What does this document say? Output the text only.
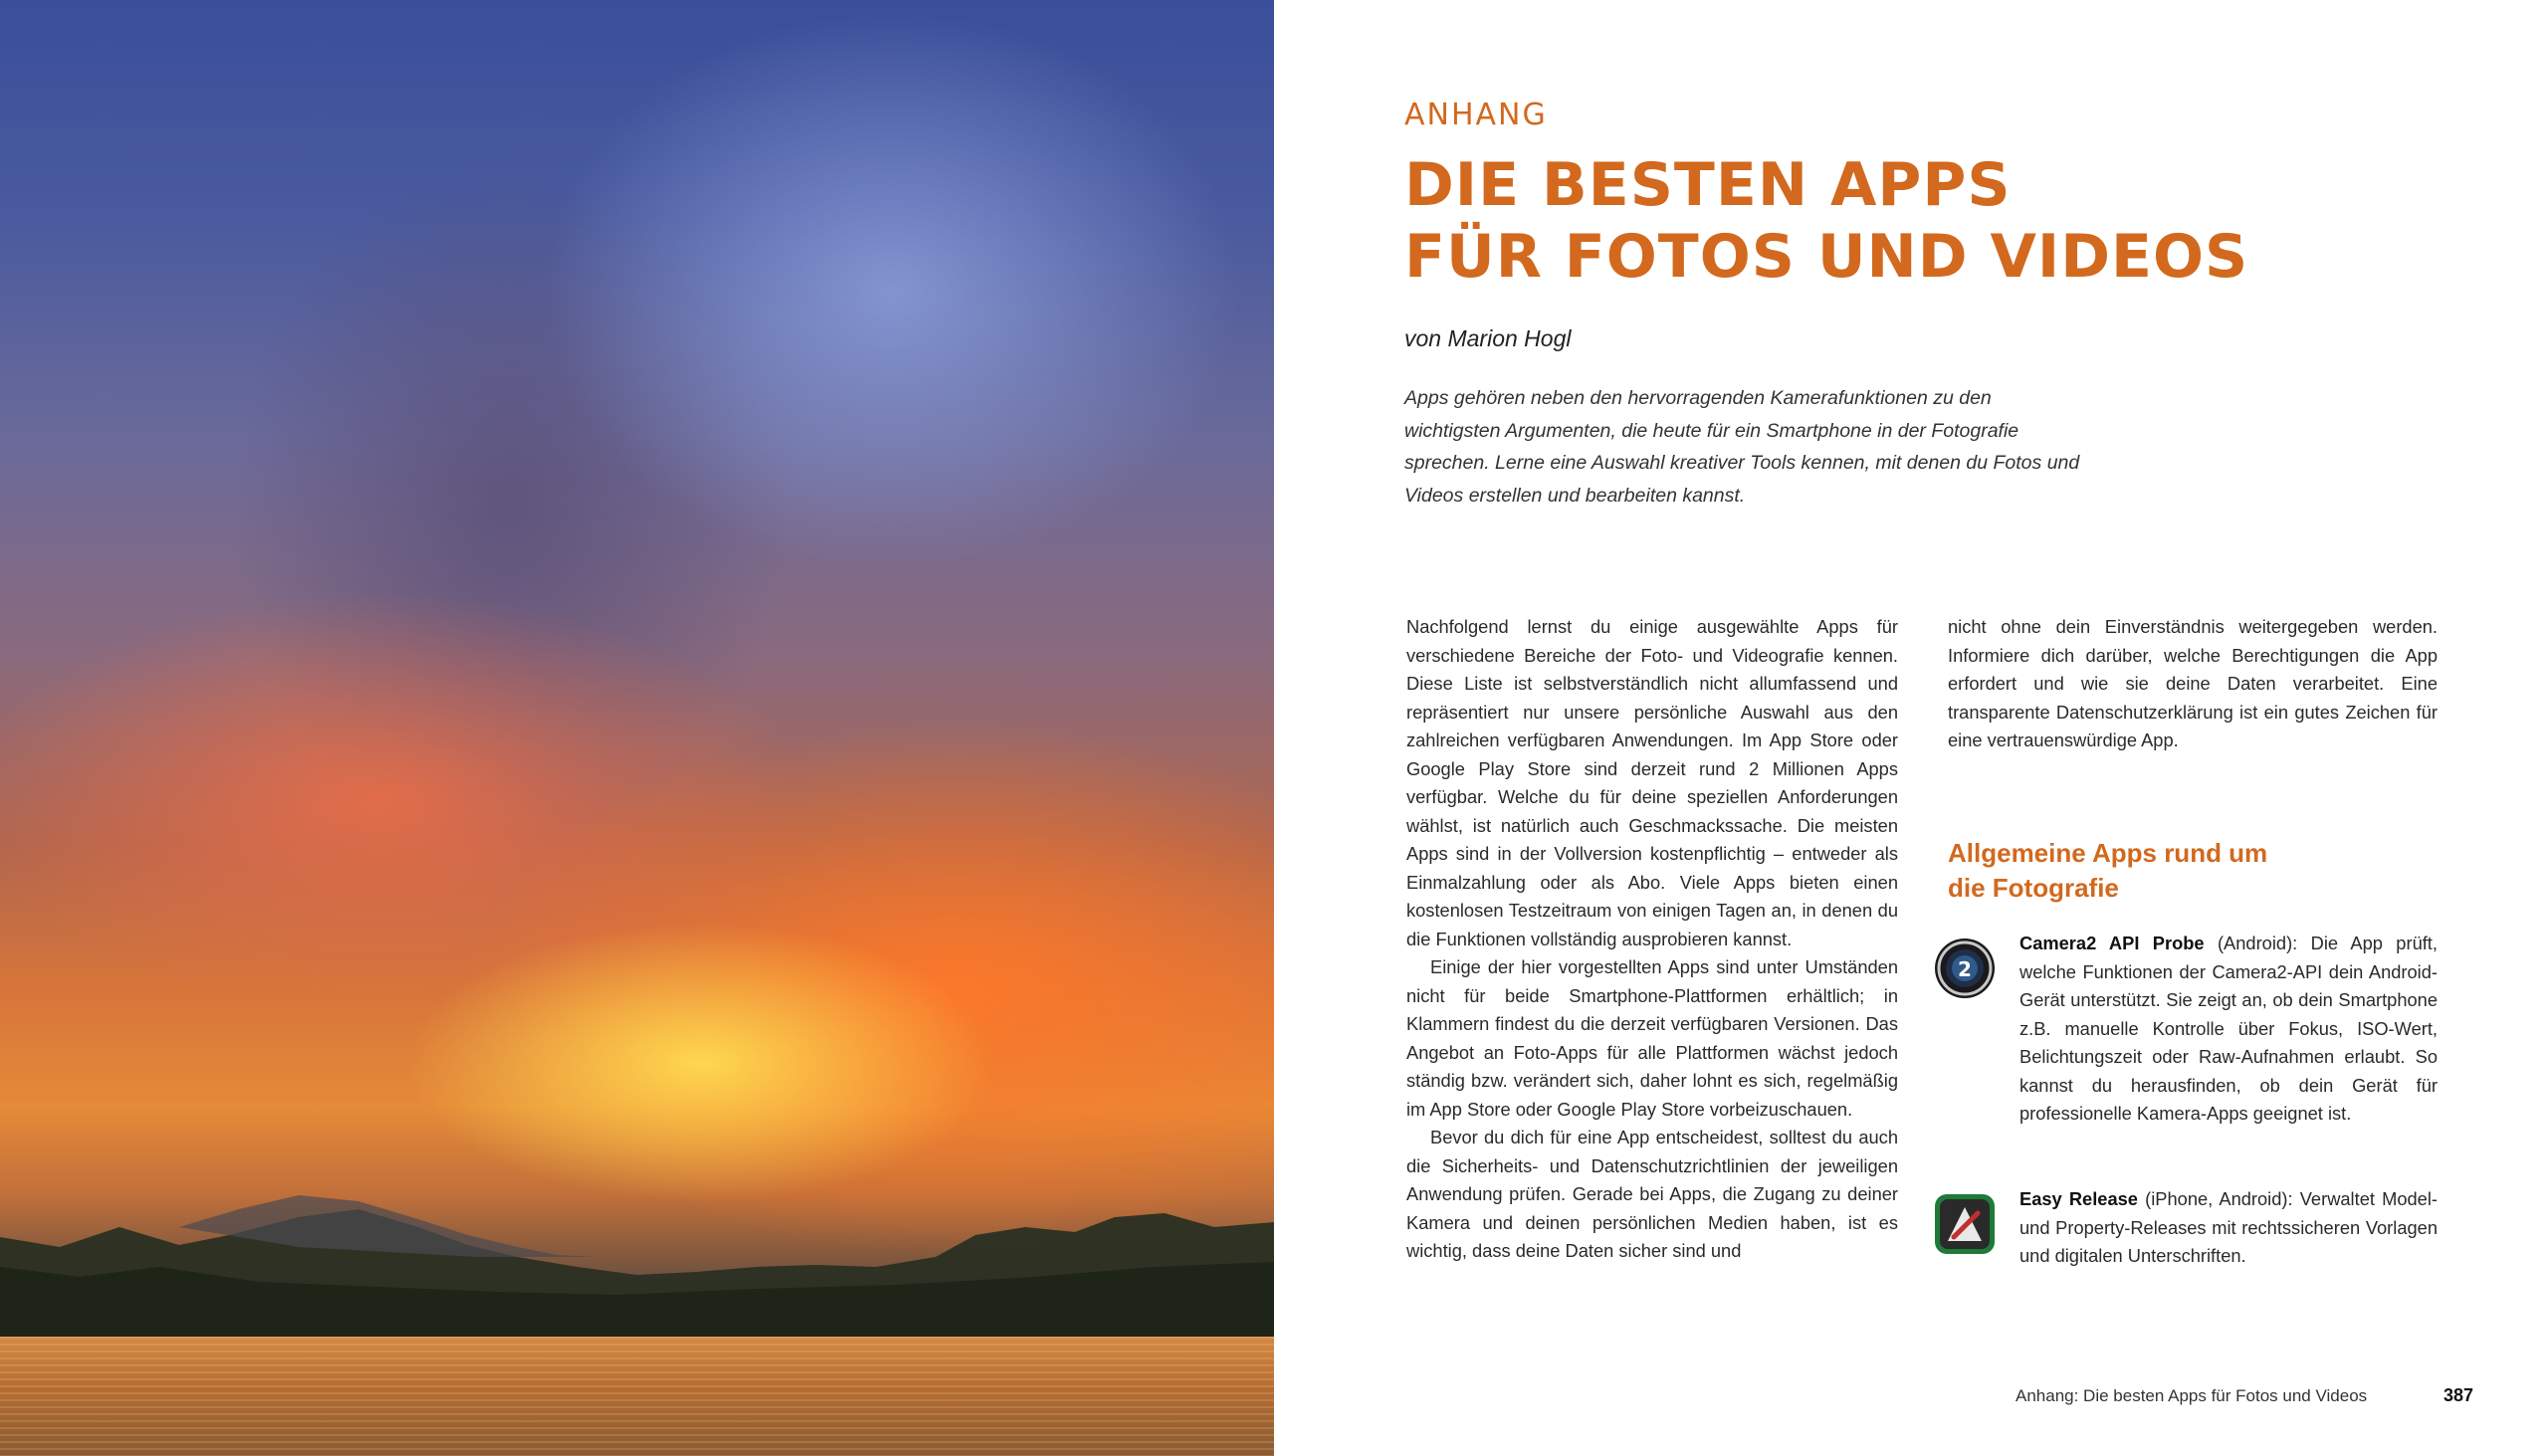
ANHANG
DIE BESTEN APPS
FÜR FOTOS UND VIDEOS
von Marion Hogl
Apps gehören neben den hervorragenden Kamerafunktionen zu den wichtigsten Argumenten, die heute für ein Smartphone in der Fotografie sprechen. Lerne eine Auswahl kreativer Tools kennen, mit denen du Fotos und Videos erstellen und bearbeiten kannst.

Nachfolgend lernst du einige ausgewählte Apps für verschiedene Bereiche der Foto- und Videografie kennen. Diese Liste ist selbstverständlich nicht allumfassend und repräsentiert nur unsere persönliche Auswahl aus den zahlreichen verfügbaren Anwendungen. Im App Store oder Google Play Store sind derzeit rund 2 Millionen Apps verfügbar. Welche du für deine speziellen Anforderungen wählst, ist natürlich auch Geschmackssache. Die meisten Apps sind in der Vollversion kostenpflichtig – entweder als Einmalzahlung oder als Abo. Viele Apps bieten einen kostenlosen Testzeitraum von einigen Tagen an, in denen du die Funktionen vollständig ausprobieren kannst.

Einige der hier vorgestellten Apps sind unter Umständen nicht für beide Smartphone-Plattformen erhältlich; in Klammern findest du die derzeit verfügbaren Versionen. Das Angebot an Foto-Apps für alle Plattformen wächst jedoch ständig bzw. verändert sich, daher lohnt es sich, regelmäßig im App Store oder Google Play Store vorbeizuschauen.

Bevor du dich für eine App entscheidest, solltest du auch die Sicherheits- und Datenschutzrichtlinien der jeweiligen Anwendung prüfen. Gerade bei Apps, die Zugang zu deiner Kamera und deinen persönlichen Medien haben, ist es wichtig, dass deine Daten sicher sind und

nicht ohne dein Einverständnis weitergegeben werden. Informiere dich darüber, welche Berechtigungen die App erfordert und wie sie deine Daten verarbeitet. Eine transparente Datenschutzerklärung ist ein gutes Zeichen für eine vertrauenswürdige App.

Allgemeine Apps rund um
die Fotografie
2
Camera2 API Probe (Android): Die App prüft, welche Funktionen der Camera2-API dein Android-Gerät unterstützt. Sie zeigt an, ob dein Smartphone z.B. manuelle Kontrolle über Fokus, ISO-Wert, Belichtungszeit oder Raw-Aufnahmen erlaubt. So kannst du herausfinden, ob dein Gerät für professionelle Kamera-Apps geeignet ist.
Easy Release (iPhone, Android): Verwaltet Model- und Property-Releases mit rechtssicheren Vorlagen und digitalen Unterschriften.
Anhang: Die besten Apps für Fotos und Videos	387
